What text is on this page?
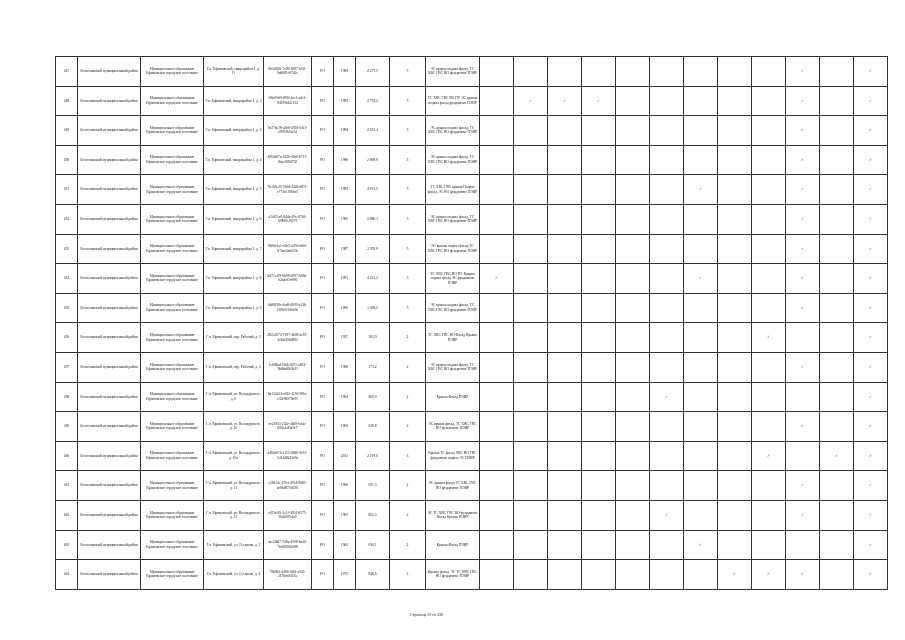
447	Белоглинский муниципальный район	Муниципальное образование Ефимовское городское поселение	Г.п. Ефимовский, микрорайон 1, д. 11	8fe2d5f6-7e09-4987-b3f1-9a6681c67d2c	РО	1983	2 277,5	5	ЭС крыша подвал фасад, ТС ХВС ГВС ВО фундамент ПЭИР										✓		✓
448	Белоглинский муниципальный район	Муниципальное образование Ефимовское городское поселение	Г.п. Ефимовский, микрорайон 1, д. 2	b9fe9c69-8f9f-4ec1-a4c3-83f39642f134	РО	1983	2 793,2	5	ТС ХВС ГВС ВО ПУ ЭС крыша подвал фасад фундамент ПЭИР		✓	✓	✓						✓		✓
449	Белоглинский муниципальный район	Муниципальное образование Ефимовское городское поселение	Г.п. Ефимовский, микрорайон 1, д. 3	5e27bc58-43e6-4505-b3f1-e9ff5f6f4c5d	РО	1984	2 815,4	5	ЭС крыша подвал фасад, ТС ХВС ГВС ВО фундамент ПЭИР										✓		✓
450	Белоглинский муниципальный район	Муниципальное образование Ефимовское городское поселение	Г.п. Ефимовский, микрорайон 1, д. 4	4965a67a-2426-49e6-b715-f6ae3f89f735	РО	1986	2 869,9	5	ЭС крыша подвал фасад, ТС ХВС ГВС ВО фундамент ПЭИР										✓		✓
451	Белоглинский муниципальный район	Муниципальное образование Ефимовское городское поселение	Г.п. Ефимовский, микрорайон 1, д. 5	7b1b5c25-5b3d-4204-b87f-e774e419b6e5	РО	1983	4 813,5	5	ТС ХВС ГВС крыша Подвал фасад, ЭС ВО фундамент ПЭИР							✓			✓		✓
452	Белоглинский муниципальный район	Муниципальное образование Ефимовское городское поселение	Г.п. Ефимовский, микрорайон 1, д. 6	a1d47ca5-84de-49c-8746-6f9bf9c9f275	РО	1985	2 886,1	5	ЭС крыша подвал фасад, ТС ХВС ГВС ВО фундамент ПЭИР										✓		✓
453	Белоглинский муниципальный район	Муниципальное образование Ефимовское городское поселение	Г.п. Ефимовский, микрорайон 1, д. 7	9266e1a1-e2b5-4d56-b0fe-b7aea3a6f25b	РО	1987	2 978,9	5	ЭС крыша подвал фасад ТС ХВС ГВС ВО фундамент ПЭИР										✓		✓
454	Белоглинский муниципальный район	Муниципальное образование Ефимовское городское поселение	Г.п. Ефимовский, микрорайон 1, д. 8	b471c1f9-6b98-4957-b98a-b2a4ef1e698	РО	1991	4 221,2	5	ТС ХВС ГВС ВО ПУ Крыша подвал фасад ЭС фундамент ПЭИР	✓						✓			✓		✓
455	Белоглинский муниципальный район	Муниципальное образование Ефимовское городское поселение	Г.п. Ефимовский, микрорайон 1, д. 9	b6d8f5fb-4ea8-4093-b13b-f2f8e5f1d6e9e	РО	1990	1 308,5	5	ЭС крыша подвал фасад, ТС ХВС ГВС ВО фундамент ПЭИР										✓		✓
456	Белоглинский муниципальный район	Муниципальное образование Ефимовское городское поселение	Г.п. Ефимовский, пер. Рабочий, д. 5	282c2674-7297-4b98-ac85-4c8af45bd982	РО	1957	304,9	2	ТС ХВС ГВС ВО Фасад Крыша ПЭИР									✓			✓
457	Белоглинский муниципальный район	Муниципальное образование Ефимовское городское поселение	Г.п. Ефимовский, пер. Рабочий, д. 2	1c698ad-f26b-4971-a833-3bfbbd0b3b11	РО	1960	373,2	2	ЭС крыша подвал фасад, ТС ХВС ГВС ВО фундамент ПЭИР										✓		✓
458	Белоглинский муниципальный район	Муниципальное образование Ефимовское городское поселение	Г.п. Ефимовский, ул. Володарского, д. 6	8a152a54-e022-4156-9f9e-e33f98878e95	РО	1964	469,9	2	Крыша Фасад ПЭИР						✓						✓
459	Белоглинский муниципальный район	Муниципальное образование Ефимовское городское поселение	Г.п. Ефимовский, ул. Володарского, д. 10	ee21933-232e-4b69-b4ac-856a1a8fa5e7	РО	1965	629,8	2	ЭС крыша фасад, ТС ХВС ГВС ВО фундамент ПЭИР										✓		✓
460	Белоглинский муниципальный район	Муниципальное образование Ефимовское городское поселение	Г.п. Ефимовский, ул. Володарского, д. 10а	a48ea874-a153-48d8-9e51-1c84d8243e9a	РО	2013	2 219,0	3	Крыша ТС фасад ХВС ВО ГВС фундамент подвал ЭС ПЭИР									✓		✓	✓
461	Белоглинский муниципальный район	Муниципальное образование Ефимовское городское поселение	Г.п. Ефимовский, ул. Володарского, д. 11	c28d14c-27e4-4554-9b83-ae6b4875d356	РО	1966	651,3	2	ЭС крыша фасад ТС ХВС ГВС ВО фундамент ПЭИР										✓		✓
462	Белоглинский муниципальный район	Муниципальное образование Ефимовское городское поселение	Г.п. Ефимовский, ул. Володарского, д. 12	e47fe5f9-2c1f-4504-8375-5bd4f97f4a5	РО	1967	652,3	2	ЭС ТС ХВС ГВС ВО фундамент Фасад Крыша ПЭИР						✓				✓		✓
463	Белоглинский муниципальный район	Муниципальное образование Ефимовское городское поселение	Г.п. Ефимовский, ул. Гусарова, д. 1	aecf4b87-548a-4508-be46-7fe683002e98	РО	1962	630,1	2	Крыша Фасад ПЭИР							✓					✓
464	Белоглинский муниципальный район	Муниципальное образование Ефимовское городское поселение	Г.п. Ефимовский, ул. Гусарова, д. 4	7960b5-2466-4fb4-a325-2176eb5453c	РО	1975	846,6	2	Крыша фасад, ЭС ТС ХВС ГВС ВО фундамент ПЭИР								✓	✓	✓		✓
Страница 39 из 430
